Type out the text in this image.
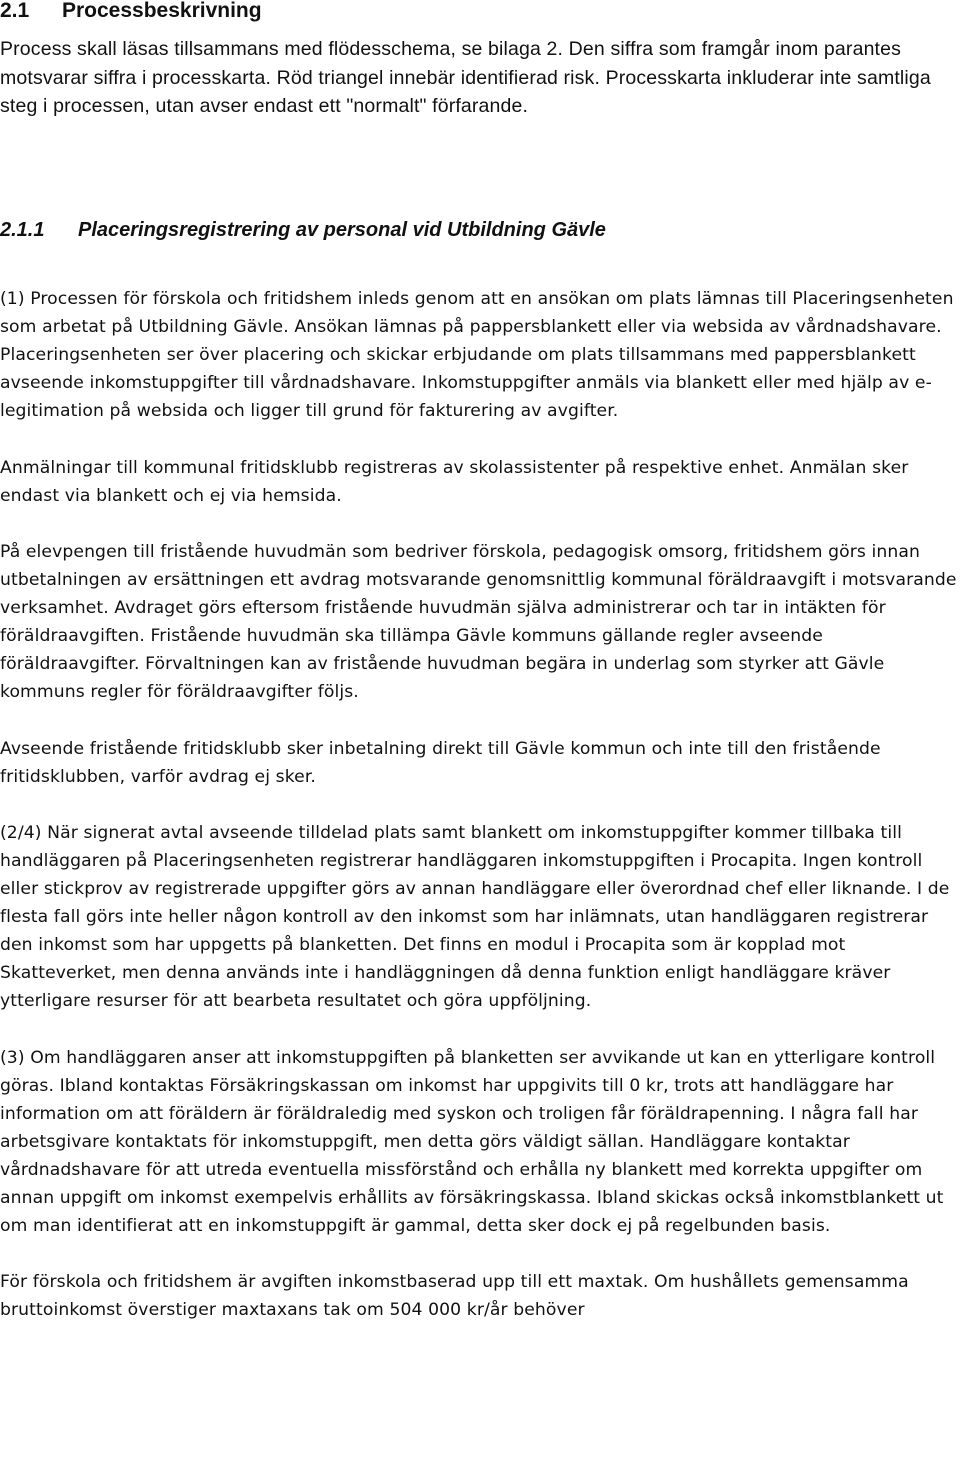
2.1 Processbeskrivning

Process skall läsas tillsammans med flödesschema, se bilaga 2. Den siffra som framgår inom parantes motsvarar siffra i processkarta. Röd triangel innebär identifierad risk. Processkarta inkluderar inte samtliga steg i processen, utan avser endast ett "normalt" förfarande.

2.1.1 Placeringsregistrering av personal vid Utbildning Gävle

(1) Processen för förskola och fritidshem inleds genom att en ansökan om plats lämnas till Placeringsenheten som arbetat på Utbildning Gävle. Ansökan lämnas på pappersblankett eller via websida av vårdnadshavare. Placeringsenheten ser över placering och skickar erbjudande om plats tillsammans med pappersblankett avseende inkomstuppgifter till vårdnadshavare. Inkomstuppgifter anmäls via blankett eller med hjälp av e-legitimation på websida och ligger till grund för fakturering av avgifter.

Anmälningar till kommunal fritidsklubb registreras av skolassistenter på respektive enhet. Anmälan sker endast via blankett och ej via hemsida.

På elevpengen till fristående huvudmän som bedriver förskola, pedagogisk omsorg, fritidshem görs innan utbetalningen av ersättningen ett avdrag motsvarande genomsnittlig kommunal föräldraavgift i motsvarande verksamhet. Avdraget görs eftersom fristående huvudmän själva administrerar och tar in intäkten för föräldraavgiften. Fristående huvudmän ska tillämpa Gävle kommuns gällande regler avseende föräldraavgifter. Förvaltningen kan av fristående huvudman begära in underlag som styrker att Gävle kommuns regler för föräldraavgifter följs.

Avseende fristående fritidsklubb sker inbetalning direkt till Gävle kommun och inte till den fristående fritidsklubben, varför avdrag ej sker.

(2/4) När signerat avtal avseende tilldelad plats samt blankett om inkomstuppgifter kommer tillbaka till handläggaren på Placeringsenheten registrerar handläggaren inkomstuppgiften i Procapita. Ingen kontroll eller stickprov av registrerade uppgifter görs av annan handläggare eller överordnad chef eller liknande. I de flesta fall görs inte heller någon kontroll av den inkomst som har inlämnats, utan handläggaren registrerar den inkomst som har uppgetts på blanketten. Det finns en modul i Procapita som är kopplad mot Skatteverket, men denna används inte i handläggningen då denna funktion enligt handläggare kräver ytterligare resurser för att bearbeta resultatet och göra uppföljning.

(3) Om handläggaren anser att inkomstuppgiften på blanketten ser avvikande ut kan en ytterligare kontroll göras. Ibland kontaktas Försäkringskassan om inkomst har uppgivits till 0 kr, trots att handläggare har information om att föräldern är föräldraledig med syskon och troligen får föräldrapenning. I några fall har arbetsgivare kontaktats för inkomstuppgift, men detta görs väldigt sällan. Handläggare kontaktar vårdnadshavare för att utreda eventuella missförstånd och erhålla ny blankett med korrekta uppgifter om annan uppgift om inkomst exempelvis erhållits av försäkringskassa. Ibland skickas också inkomstblankett ut om man identifierat att en inkomstuppgift är gammal, detta sker dock ej på regelbunden basis.

För förskola och fritidshem är avgiften inkomstbaserad upp till ett maxtak. Om hushållets gemensamma bruttoinkomst överstiger maxtaxans tak om 504 000 kr/år behöver
